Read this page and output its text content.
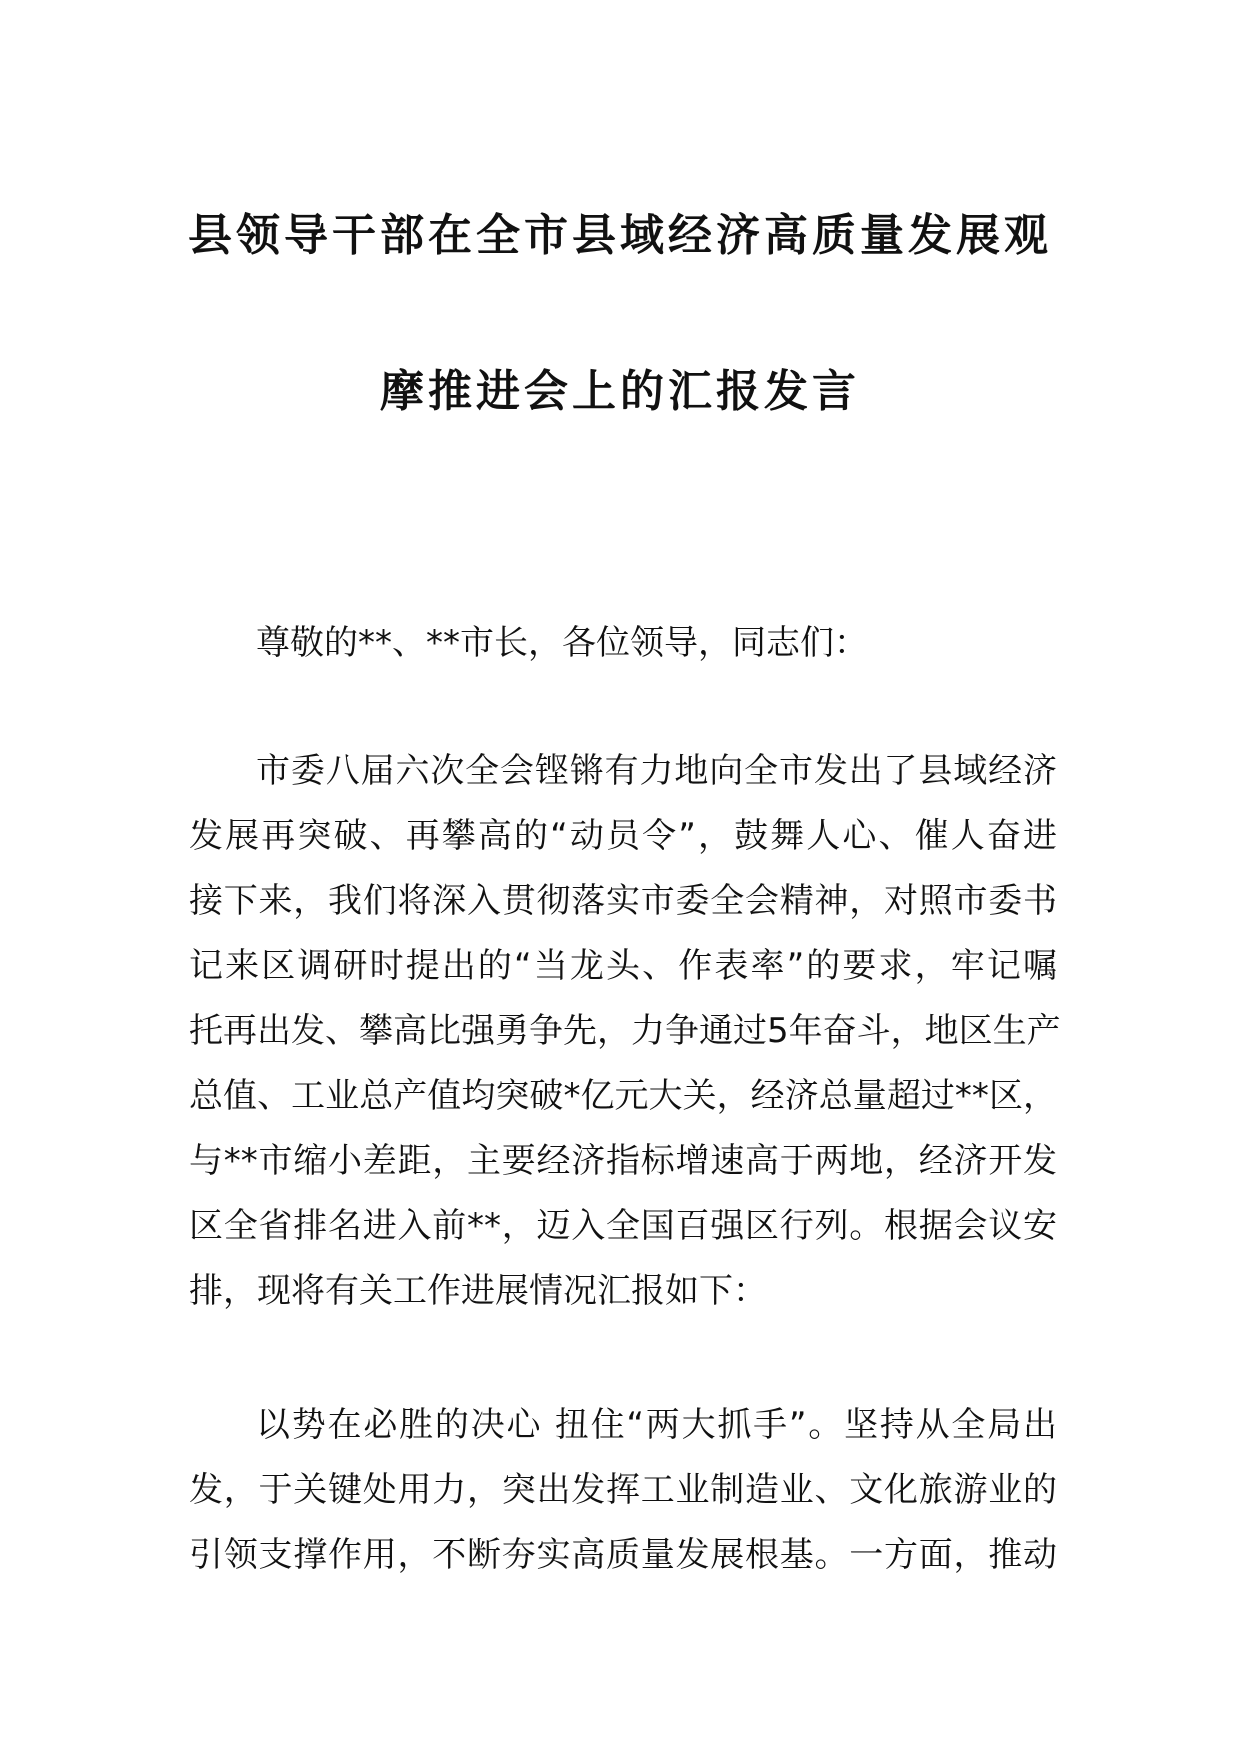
县领导干部在全市县域经济高质量发展观
摩推进会上的汇报发言
尊敬的**、**市长，各位领导，同志们：
市委八届六次全会铿锵有力地向全市发出了县域经济
发展再突破、再攀高的“动员令”，鼓舞人心、催人奋进
接下来，我们将深入贯彻落实市委全会精神，对照市委书
记来区调研时提出的“当龙头、作表率”的要求，牢记嘱
托再出发、攀高比强勇争先，力争通过5年奋斗，地区生产
总值、工业总产值均突破*亿元大关，经济总量超过**区，
与**市缩小差距，主要经济指标增速高于两地，经济开发
区全省排名进入前**，迈入全国百强区行列。根据会议安
排，现将有关工作进展情况汇报如下：
以势在必胜的决心 扭住“两大抓手”。坚持从全局出
发，于关键处用力，突出发挥工业制造业、文化旅游业的
引领支撑作用，不断夯实高质量发展根基。一方面，推动
